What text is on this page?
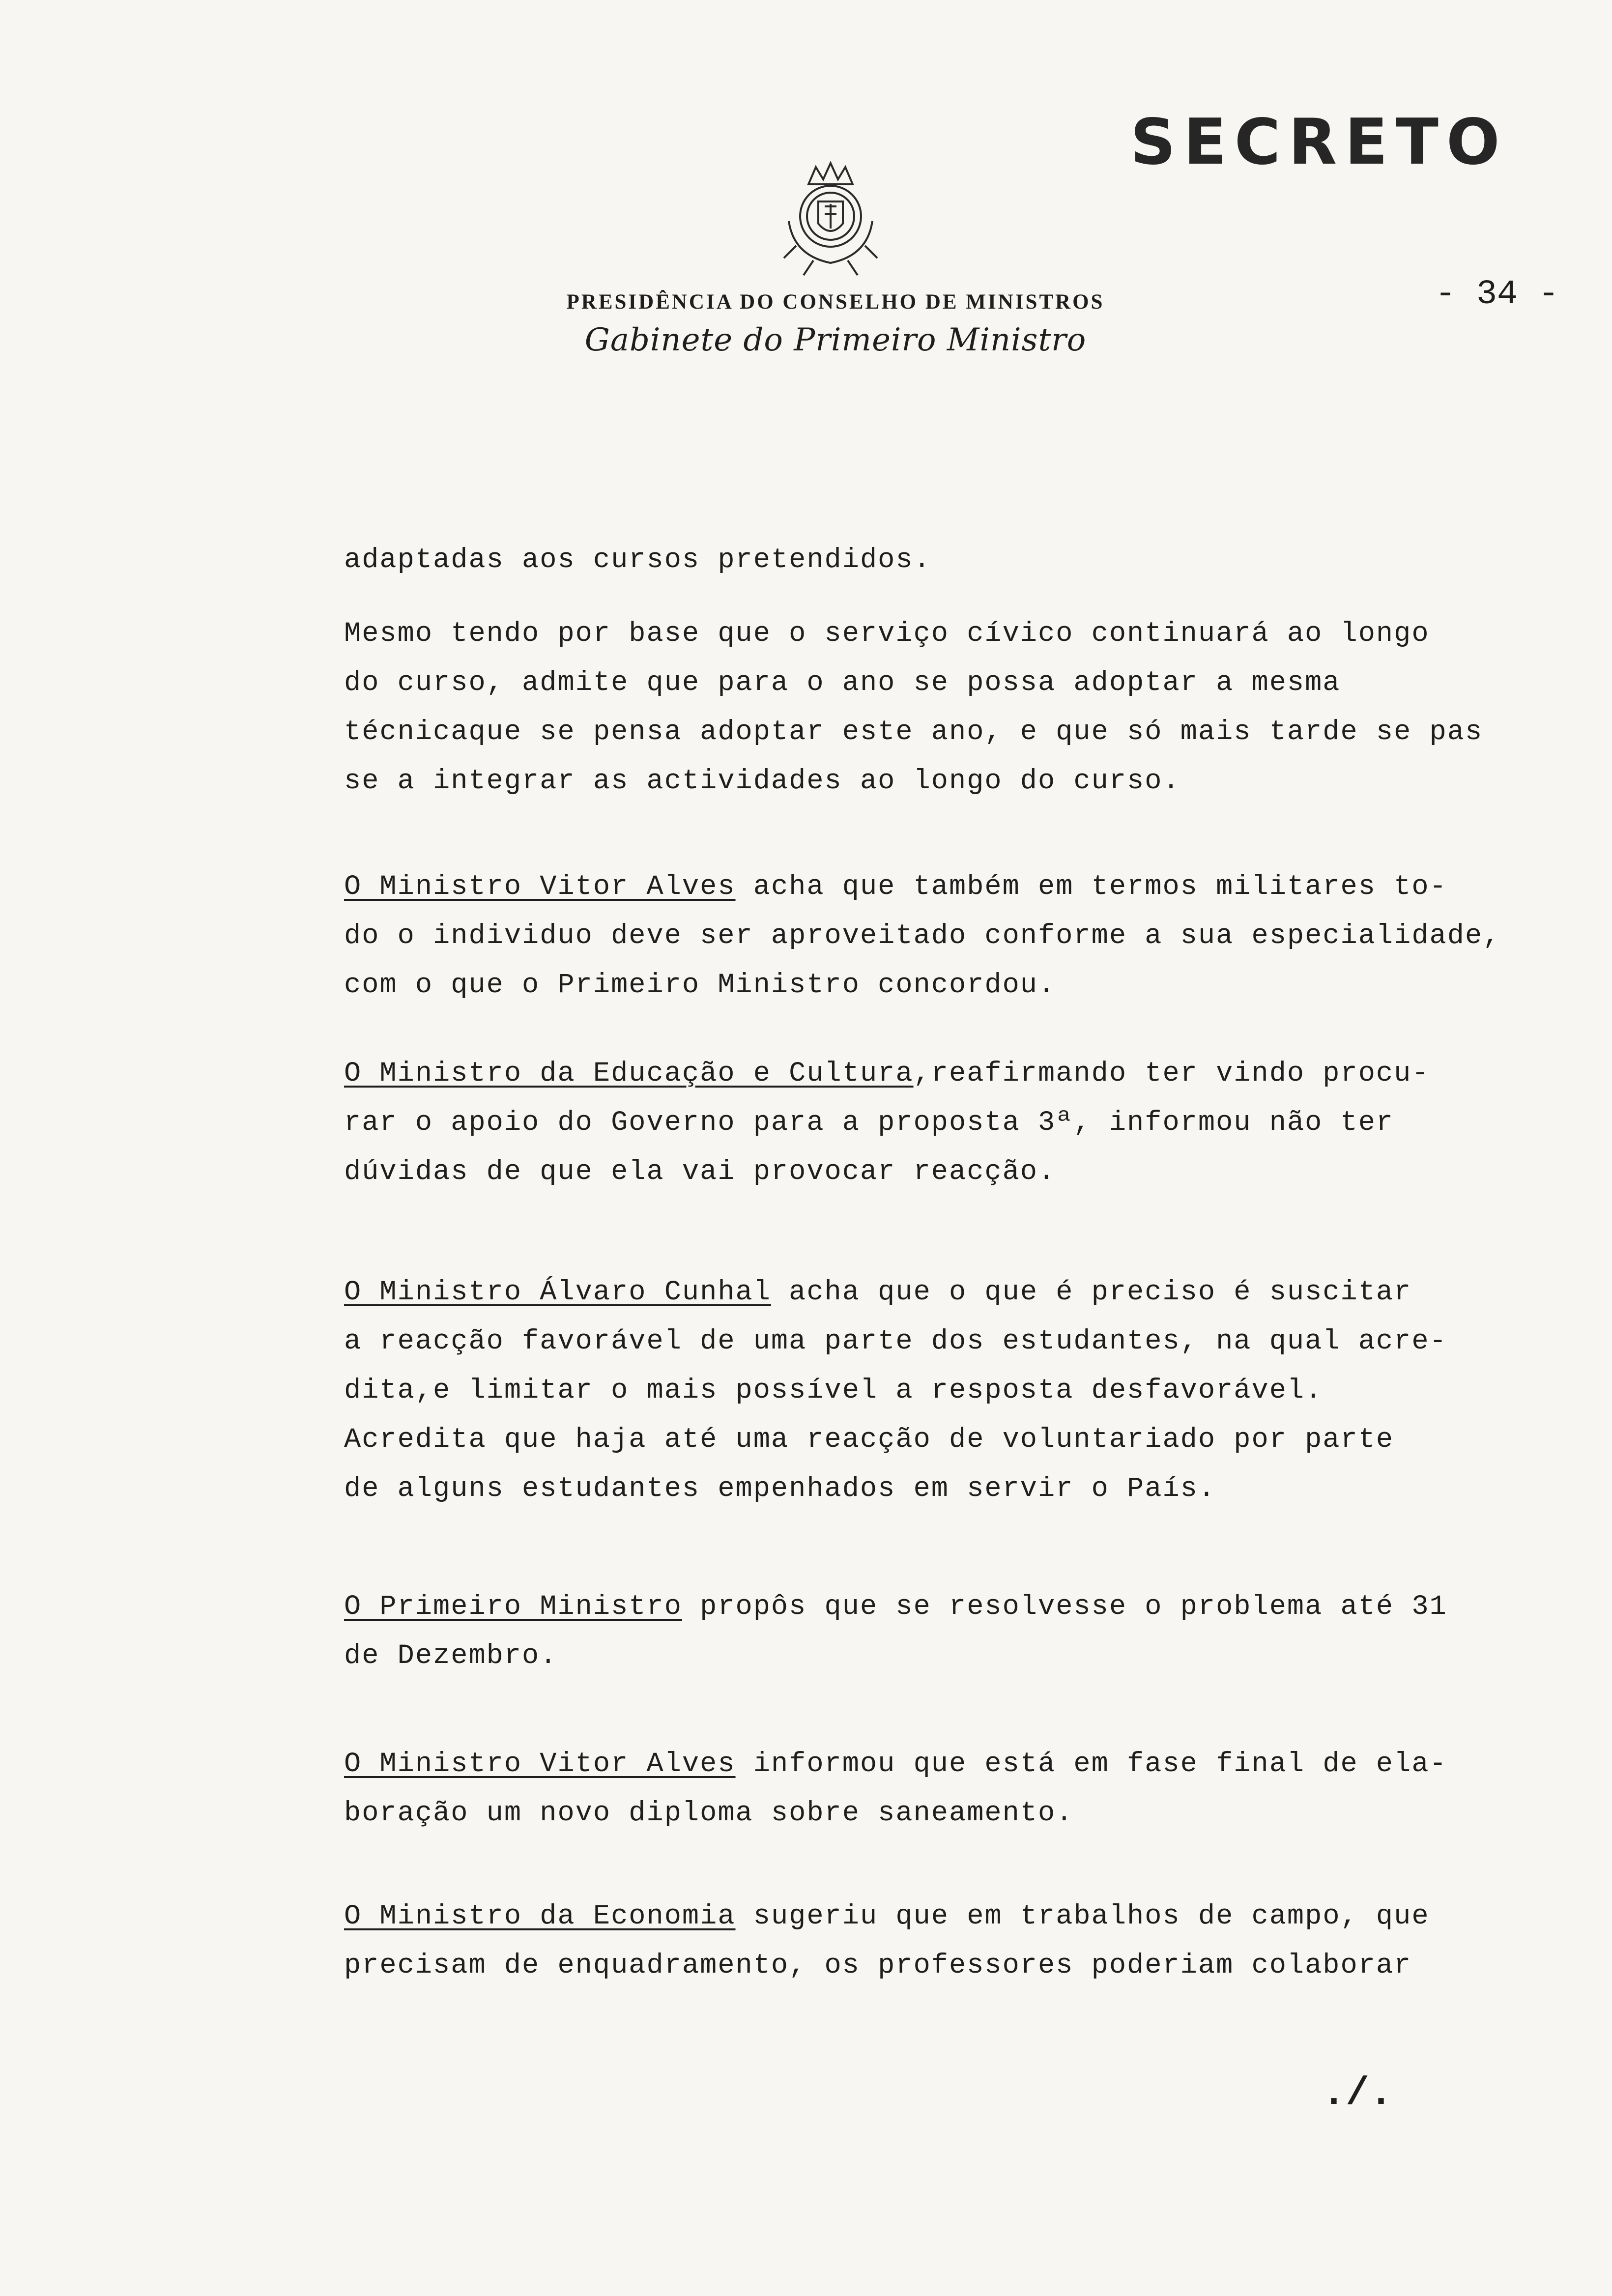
SECRETO
PRESIDÊNCIA DO CONSELHO DE MINISTROS
Gabinete do Primeiro Ministro
- 34 -
adaptadas aos cursos pretendidos.
Mesmo tendo por base que o serviço cívico continuará ao longo
do curso, admite que para o ano se possa adoptar a mesma
técnicaque se pensa adoptar este ano, e que só mais tarde se pas
se a integrar as actividades ao longo do curso.
O Ministro Vitor Alves acha que também em termos militares to-
do o individuo deve ser aproveitado conforme a sua especialidade,
com o que o Primeiro Ministro concordou.
O Ministro da Educação e Cultura,reafirmando ter vindo procu-
rar o apoio do Governo para a proposta 3ª, informou não ter
dúvidas de que ela vai provocar reacção.
O Ministro Álvaro Cunhal acha que o que é preciso é suscitar
a reacção favorável de uma parte dos estudantes, na qual acre-
dita,e limitar o mais possível a resposta desfavorável.
Acredita que haja até uma reacção de voluntariado por parte
de alguns estudantes empenhados em servir o País.
O Primeiro Ministro propôs que se resolvesse o problema até 31
de Dezembro.
O Ministro Vitor Alves informou que está em fase final de ela-
boração um novo diploma sobre saneamento.
O Ministro da Economia sugeriu que em trabalhos de campo, que
precisam de enquadramento, os professores poderiam colaborar
./.
